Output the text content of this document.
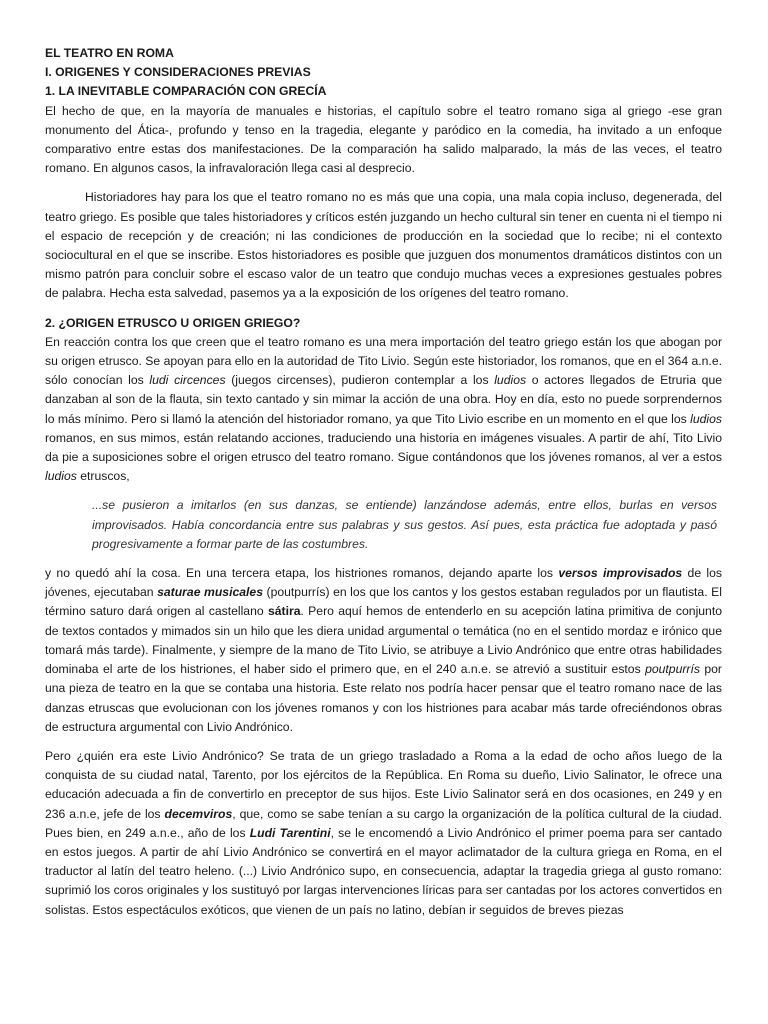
EL TEATRO EN ROMA

I. ORIGENES Y CONSIDERACIONES PREVIAS

1. LA INEVITABLE COMPARACIÓN CON GRECÍA

El hecho de que, en la mayoría de manuales e historias, el capítulo sobre el teatro romano siga al griego -ese gran monumento del Ática-, profundo y tenso en la tragedia, elegante y paródico en la comedia, ha invitado a un enfoque comparativo entre estas dos manifestaciones. De la comparación ha salido malparado, la más de las veces, el teatro romano. En algunos casos, la infravaloración llega casi al desprecio.

Historiadores hay para los que el teatro romano no es más que una copia, una mala copia incluso, degenerada, del teatro griego. Es posible que tales historiadores y críticos estén juzgando un hecho cultural sin tener en cuenta ni el tiempo ni el espacio de recepción y de creación; ni las condiciones de producción en la sociedad que lo recibe; ni el contexto sociocultural en el que se inscribe. Estos historiadores es posible que juzguen dos monumentos dramáticos distintos con un mismo patrón para concluir sobre el escaso valor de un teatro que condujo muchas veces a expresiones gestuales pobres de palabra. Hecha esta salvedad, pasemos ya a la exposición de los orígenes del teatro romano.

2. ¿ORIGEN ETRUSCO U ORIGEN GRIEGO?

En reacción contra los que creen que el teatro romano es una mera importación del teatro griego están los que abogan por su origen etrusco. Se apoyan para ello en la autoridad de Tito Livio. Según este historiador, los romanos, que en el 364 a.n.e. sólo conocían los ludi circences (juegos circenses), pudieron contemplar a los ludios o actores llegados de Etruria que danzaban al son de la flauta, sin texto cantado y sin mimar la acción de una obra. Hoy en día, esto no puede sorprendernos lo más mínimo. Pero si llamó la atención del historiador romano, ya que Tito Livio escribe en un momento en el que los ludios romanos, en sus mimos, están relatando acciones, traduciendo una historia en imágenes visuales. A partir de ahí, Tito Livio da pie a suposiciones sobre el origen etrusco del teatro romano. Sigue contándonos que los jóvenes romanos, al ver a estos ludios etruscos,

...se pusieron a imitarlos (en sus danzas, se entiende) lanzándose además, entre ellos, burlas en versos improvisados. Había concordancia entre sus palabras y sus gestos. Así pues, esta práctica fue adoptada y pasó progresivamente a formar parte de las costumbres.

y no quedó ahí la cosa. En una tercera etapa, los histriones romanos, dejando aparte los versos improvisados de los jóvenes, ejecutaban saturae musicales (poutpurrís) en los que los cantos y los gestos estaban regulados por un flautista. El término saturo dará origen al castellano sátira. Pero aquí hemos de entenderlo en su acepción latina primitiva de conjunto de textos contados y mimados sin un hilo que les diera unidad argumental o temática (no en el sentido mordaz e irónico que tomará más tarde). Finalmente, y siempre de la mano de Tito Livio, se atribuye a Livio Andrónico que entre otras habilidades dominaba el arte de los histriones, el haber sido el primero que, en el 240 a.n.e. se atrevió a sustituir estos poutpurrís por una pieza de teatro en la que se contaba una historia. Este relato nos podría hacer pensar que el teatro romano nace de las danzas etruscas que evolucionan con los jóvenes romanos y con los histriones para acabar más tarde ofreciéndonos obras de estructura argumental con Livio Andrónico.

Pero ¿quién era este Livio Andrónico? Se trata de un griego trasladado a Roma a la edad de ocho años luego de la conquista de su ciudad natal, Tarento, por los ejércitos de la República. En Roma su dueño, Livio Salinator, le ofrece una educación adecuada a fin de convertirlo en preceptor de sus hijos. Este Livio Salinator será en dos ocasiones, en 249 y en 236 a.n.e, jefe de los decemviros, que, como se sabe tenían a su cargo la organización de la política cultural de la ciudad. Pues bien, en 249 a.n.e., año de los Ludi Tarentini, se le encomendó a Livio Andrónico el primer poema para ser cantado en estos juegos. A partir de ahí Livio Andrónico se convertirá en el mayor aclimatador de la cultura griega en Roma, en el traductor al latín del teatro heleno. (...) Livio Andrónico supo, en consecuencia, adaptar la tragedia griega al gusto romano: suprimió los coros originales y los sustituyó por largas intervenciones líricas para ser cantadas por los actores convertidos en solistas. Estos espectáculos exóticos, que vienen de un país no latino, debían ir seguidos de breves piezas
